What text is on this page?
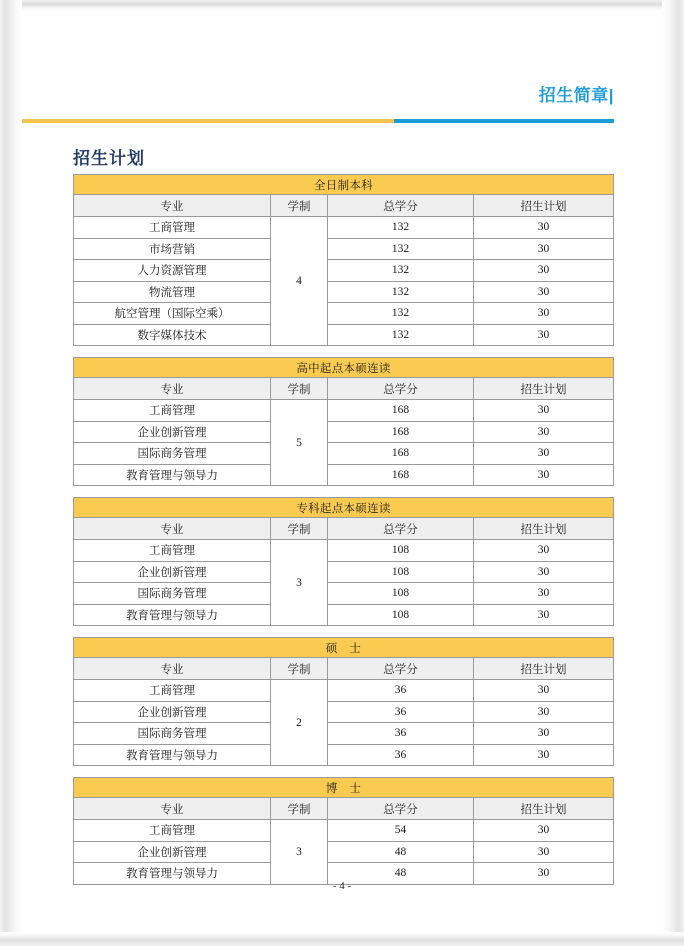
招生简章|
招生计划
全日制本科			
专业	学制	总学分	招生计划
工商管理	4	132	30
市场营销		132	30
人力资源管理		132	30
物流管理		132	30
航空管理（国际空乘）		132	30
数字媒体技术		132	30
高中起点本硕连读			
专业	学制	总学分	招生计划
工商管理	5	168	30
企业创新管理		168	30
国际商务管理		168	30
教育管理与领导力		168	30
专科起点本硕连读			
专业	学制	总学分	招生计划
工商管理	3	108	30
企业创新管理		108	30
国际商务管理		108	30
教育管理与领导力		108	30
硕　士			
专业	学制	总学分	招生计划
工商管理	2	36	30
企业创新管理		36	30
国际商务管理		36	30
教育管理与领导力		36	30
博　士			
专业	学制	总学分	招生计划
工商管理	3	54	30
企业创新管理		48	30
教育管理与领导力		48	30
- 4 -
